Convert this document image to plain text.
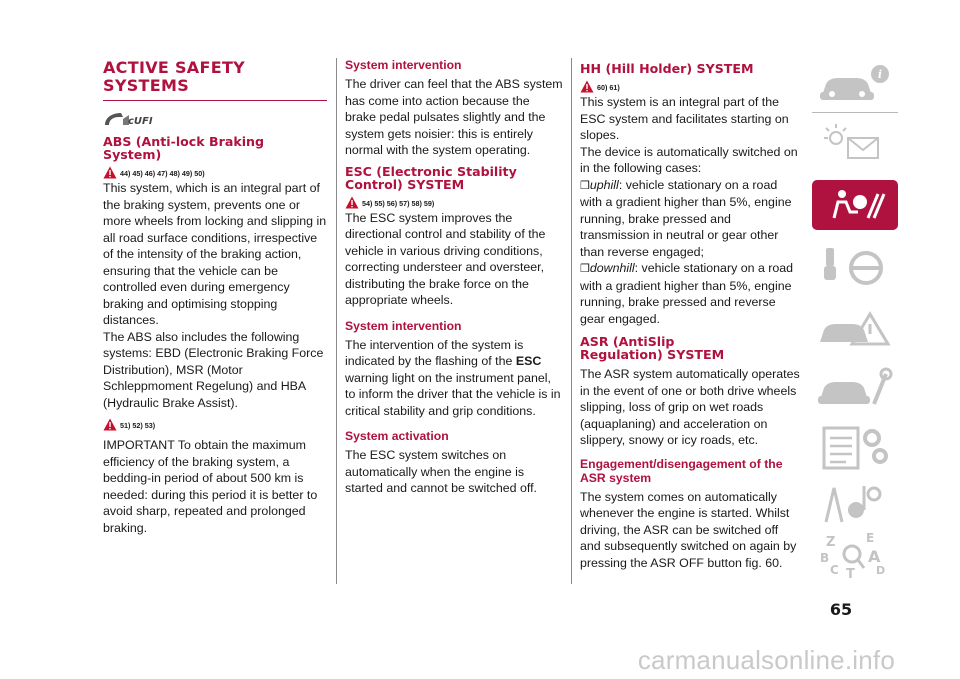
ACTIVE SAFETY
SYSTEMS
cUFI
ABS (Anti-lock Braking
System)
44) 45) 46) 47) 48) 49) 50)

This system, which is an integral part of the braking system, prevents one or more wheels from locking and slipping in all road surface conditions, irrespective of the intensity of the braking action, ensuring that the vehicle can be controlled even during emergency braking and optimising stopping distances.

The ABS also includes the following systems: EBD (Electronic Braking Force Distribution), MSR (Motor Schleppmoment Regelung) and HBA (Hydraulic Brake Assist).

51) 52) 53)

IMPORTANT To obtain the maximum efficiency of the braking system, a bedding-in period of about 500 km is needed: during this period it is better to avoid sharp, repeated and prolonged braking.

System intervention

The driver can feel that the ABS system has come into action because the brake pedal pulsates slightly and the system gets noisier: this is entirely normal with the system operating.

ESC (Electronic Stability
Control) SYSTEM
54) 55) 56) 57) 58) 59)

The ESC system improves the directional control and stability of the vehicle in various driving conditions, correcting understeer and oversteer, distributing the brake force on the appropriate wheels.

System intervention

The intervention of the system is indicated by the flashing of the ESC warning light on the instrument panel, to inform the driver that the vehicle is in critical stability and grip conditions.

System activation

The ESC system switches on automatically when the engine is started and cannot be switched off.

HH (Hill Holder) SYSTEM
60) 61)

This system is an integral part of the ESC system and facilitates starting on slopes.

The device is automatically switched on in the following cases:

❒uphill: vehicle stationary on a road with a gradient higher than 5%, engine running, brake pressed and transmission in neutral or gear other than reverse engaged;

❒downhill: vehicle stationary on a road with a gradient higher than 5%, engine running, brake pressed and reverse gear engaged.

ASR (AntiSlip
Regulation) SYSTEM

The ASR system automatically operates in the event of one or both drive wheels slipping, loss of grip on wet roads (aquaplaning) and acceleration on slippery, snowy or icy roads, etc.

Engagement/disengagement of the
ASR system

The system comes on automatically whenever the engine is started. Whilst driving, the ASR can be switched off and subsequently switched on again by pressing the ASR OFF button fig. 60.

i
Z	E
B A
C	D
T
65
carmanualsonline.info
